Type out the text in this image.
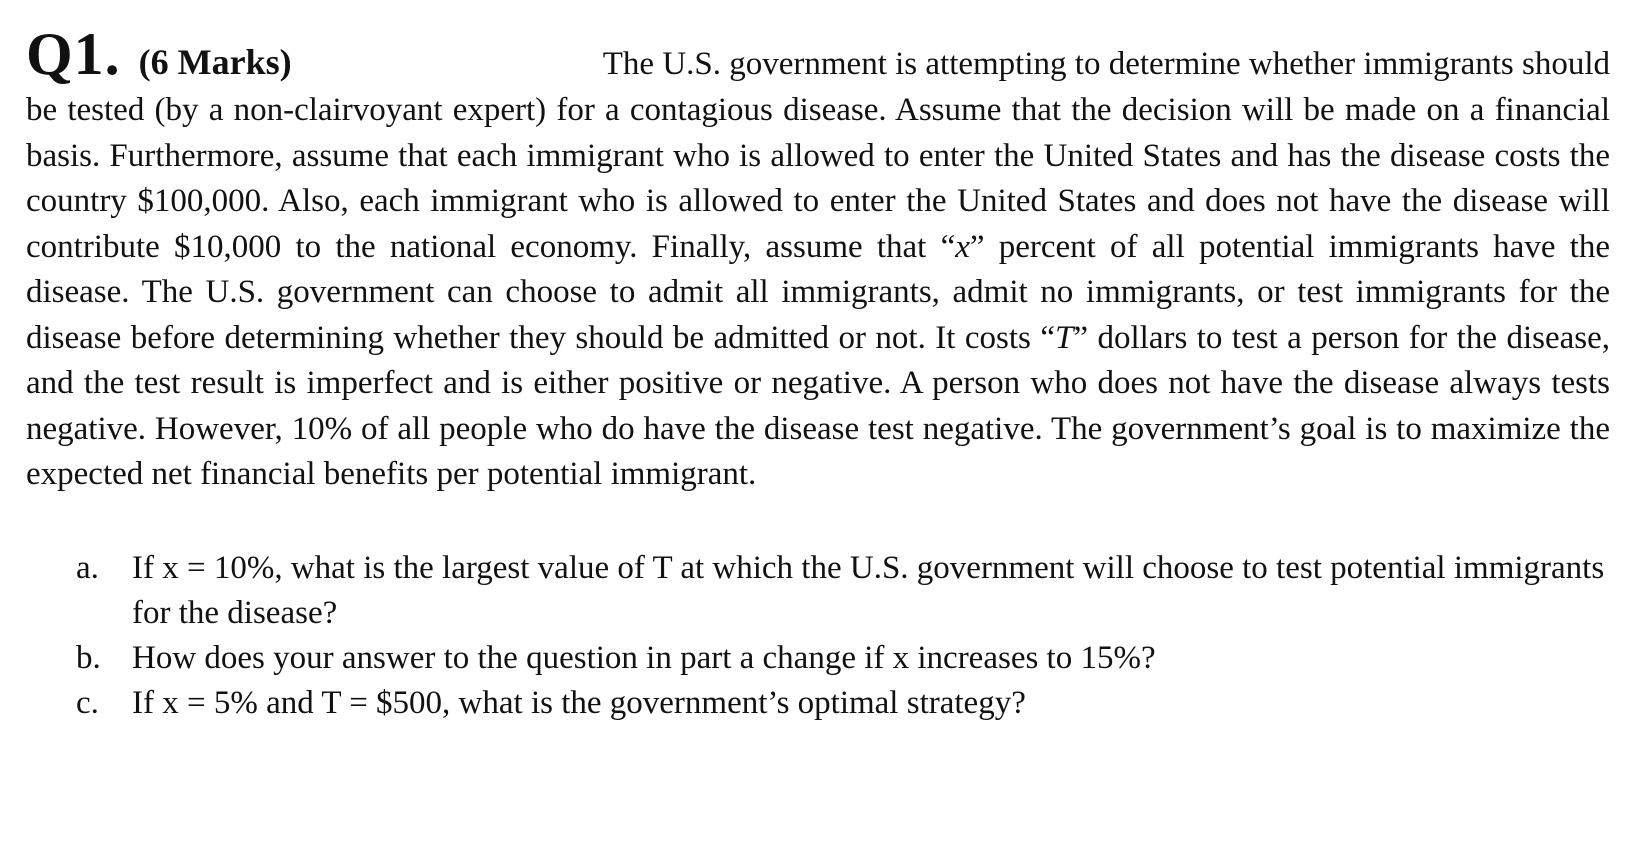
Q1. (6 Marks)	The U.S. government is attempting to determine whether immigrants should

be tested (by a non-clairvoyant expert) for a contagious disease. Assume that the decision will be made on a financial basis. Furthermore, assume that each immigrant who is allowed to enter the United States and has the disease costs the country $100,000. Also, each immigrant who is allowed to enter the United States and does not have the disease will contribute $10,000 to the national economy. Finally, assume that “x” percent of all potential immigrants have the disease. The U.S. government can choose to admit all immigrants, admit no immigrants, or test immigrants for the disease before determining whether they should be admitted or not. It costs “T” dollars to test a person for the disease, and the test result is imperfect and is either positive or negative. A person who does not have the disease always tests negative. However, 10% of all people who do have the disease test negative. The government’s goal is to maximize the expected net financial benefits per potential immigrant.

a.	If x = 10%, what is the largest value of T at which the U.S. government will choose to test potential immigrants for the disease?
b. How does your answer to the question in part a change if x increases to 15%?
c.	If x = 5% and T = $500, what is the government’s optimal strategy?
